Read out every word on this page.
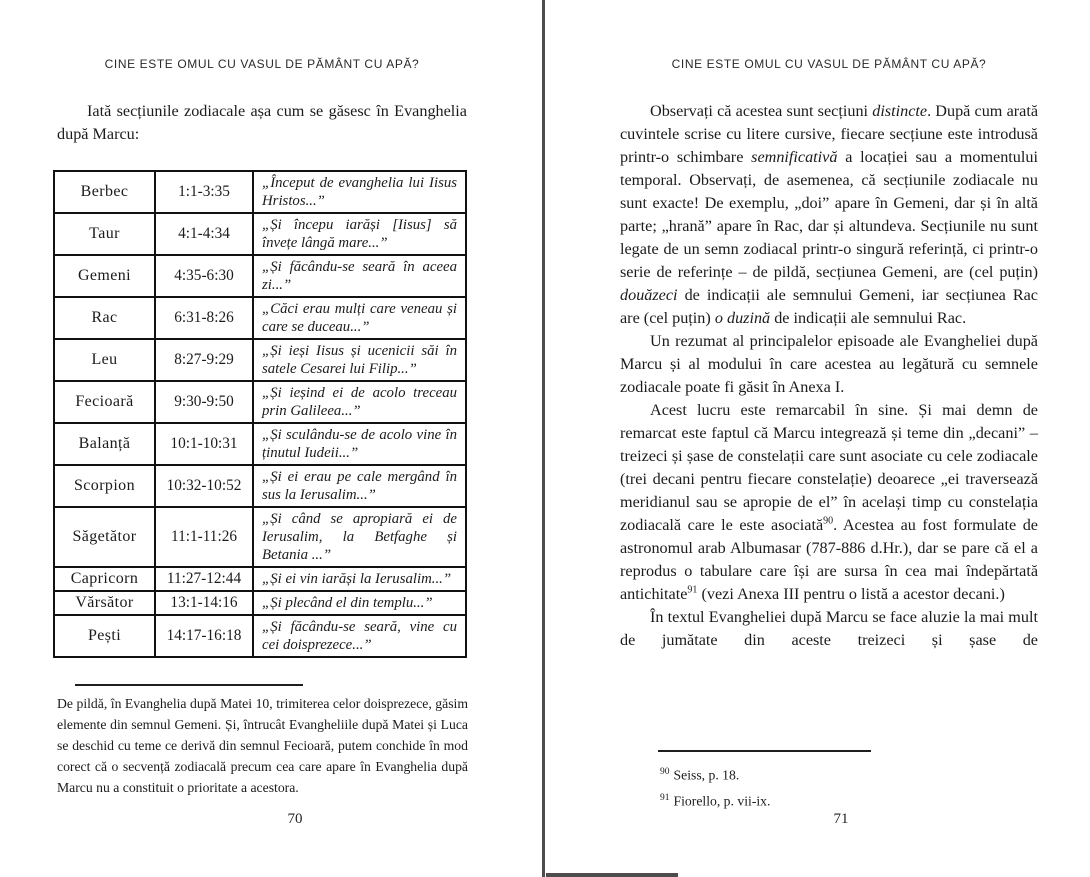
CINE ESTE OMUL CU VASUL DE PĂMÂNT CU APĂ?

Iată secțiunile zodiacale așa cum se găsesc în Evanghelia după Marcu:

Berbec	1:1-3:35	„Început de evanghelia lui Iisus Hristos...”
Taur	4:1-4:34	„Și începu iarăși [Iisus] să învețe lângă mare...”
Gemeni	4:35-6:30	„Și făcându-se seară în aceea zi...”
Rac	6:31-8:26	„Căci erau mulți care veneau și care se duceau...”
Leu	8:27-9:29	„Și ieși Iisus și ucenicii săi în satele Cesarei lui Filip...”
Fecioară	9:30-9:50	„Și ieșind ei de acolo treceau prin Galileea...”
Balanță	10:1-10:31	„Și sculându-se de acolo vine în ținutul Iudeii...”
Scorpion	10:32-10:52	„Și ei erau pe cale mergând în sus la Ierusalim...”
Săgetător	11:1-11:26	„Și când se apropiară ei de Ierusalim, la Betfaghe și Betania ...”
Capricorn	11:27-12:44	„Și ei vin iarăși la Ierusalim...”
Vărsător	13:1-14:16	„Și plecând el din templu...”
Pești	14:17-16:18	„Și făcându-se seară, vine cu cei doisprezece...”

De pildă, în Evanghelia după Matei 10, trimiterea celor doisprezece, găsim elemente din semnul Gemeni. Și, întrucât Evangheliile după Matei și Luca se deschid cu teme ce derivă din semnul Fecioară, putem conchide în mod corect că o secvență zodiacală precum cea care apare în Evanghelia după Marcu nu a constituit o prioritate a acestora.

70
CINE ESTE OMUL CU VASUL DE PĂMÂNT CU APĂ?

Observați că acestea sunt secțiuni distincte. După cum arată cuvintele scrise cu litere cursive, fiecare secțiune este introdusă printr-o schimbare semnificativă a locației sau a momentului temporal. Observați, de asemenea, că secțiunile zodiacale nu sunt exacte! De exemplu, „doi” apare în Gemeni, dar și în altă parte; „hrană” apare în Rac, dar și altundeva. Secțiunile nu sunt legate de un semn zodiacal printr-o singură referință, ci printr-o serie de referințe – de pildă, secțiunea Gemeni, are (cel puțin) douăzeci de indicații ale semnului Gemeni, iar secțiunea Rac are (cel puțin) o duzină de indicații ale semnului Rac.

Un rezumat al principalelor episoade ale Evangheliei după Marcu și al modului în care acestea au legătură cu semnele zodiacale poate fi găsit în Anexa I.

Acest lucru este remarcabil în sine. Și mai demn de remarcat este faptul că Marcu integrează și teme din „decani” – treizeci și șase de constelații care sunt asociate cu cele zodiacale (trei decani pentru fiecare constelație) deoarece „ei traversează meridianul sau se apropie de el” în același timp cu constelația zodiacală care le este asociată$^{90}$. Acestea au fost formulate de astronomul arab Albumasar (787-886 d.Hr.), dar se pare că el a reprodus o tabulare care își are sursa în cea mai îndepărtată antichitate$^{91}$ (vezi Anexa III pentru o listă a acestor decani.)

În textul Evangheliei după Marcu se face aluzie la mai mult de jumătate din aceste treizeci și șase de

$^{90}$ Seiss, p. 18.

$^{91}$ Fiorello, p. vii-ix.

71
